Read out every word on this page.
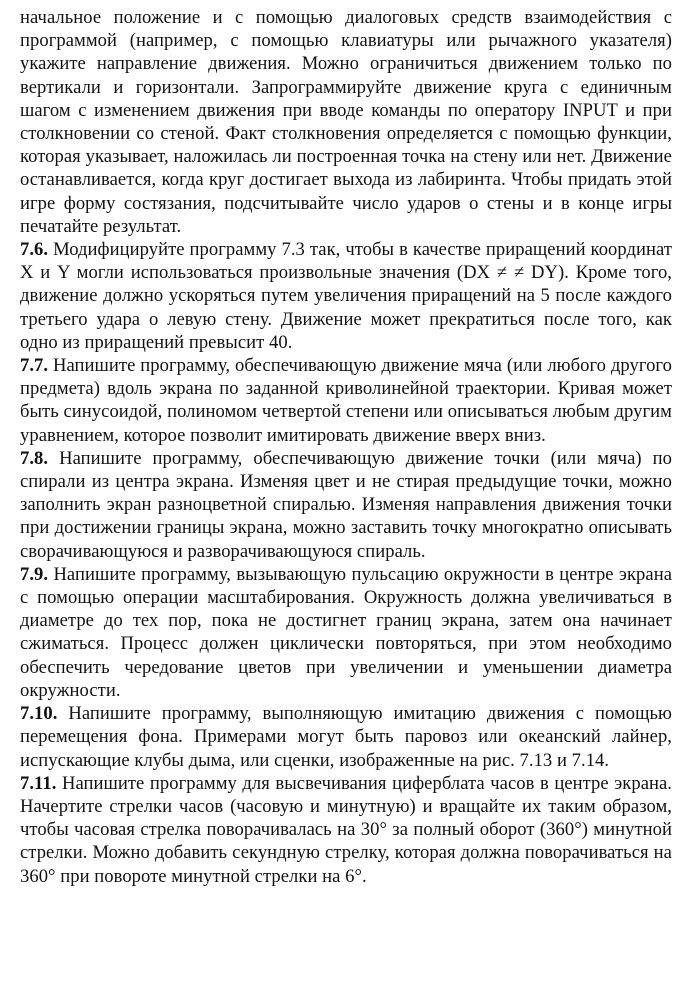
начальное положение и с помощью диалоговых средств взаимодействия с программой (например, с помощью клавиатуры или рычажного указателя) укажите направление движения. Можно ограничиться движением только по вертикали и горизонтали. Запрограммируйте движение круга с единичным шагом с изменением движения при вводе команды по оператору INPUT и при столкновении со стеной. Факт столкновения определяется с помощью функции, которая указывает, наложилась ли построенная точка на стену или нет. Движение останавливается, когда круг достигает выхода из лабиринта. Чтобы придать этой игре форму состязания, подсчитывайте число ударов о стены и в конце игры печатайте результат.

7.6. Модифицируйте программу 7.3 так, чтобы в качестве приращений координат X и Y могли использоваться произвольные значения (DX ≠ ≠ DY). Кроме того, движение должно ускоряться путем увеличения приращений на 5 после каждого третьего удара о левую стену. Движение может прекратиться после того, как одно из приращений превысит 40.

7.7. Напишите программу, обеспечивающую движение мяча (или любого другого предмета) вдоль экрана по заданной криволинейной траектории. Кривая может быть синусоидой, полиномом четвертой степени или описываться любым другим уравнением, которое позволит имитировать движение вверх вниз.

7.8. Напишите программу, обеспечивающую движение точки (или мяча) по спирали из центра экрана. Изменяя цвет и не стирая предыдущие точки, можно заполнить экран разноцветной спиралью. Изменяя направления движения точки при достижении границы экрана, можно заставить точку многократно описывать сворачивающуюся и разворачивающуюся спираль.

7.9. Напишите программу, вызывающую пульсацию окружности в центре экрана с помощью операции масштабирования. Окружность должна увеличиваться в диаметре до тех пор, пока не достигнет границ экрана, затем она начинает сжиматься. Процесс должен циклически повторяться, при этом необходимо обеспечить чередование цветов при увеличении и уменьшении диаметра окружности.

7.10. Напишите программу, выполняющую имитацию движения с помощью перемещения фона. Примерами могут быть паровоз или океанский лайнер, испускающие клубы дыма, или сценки, изображенные на рис. 7.13 и 7.14.

7.11. Напишите программу для высвечивания циферблата часов в центре экрана. Начертите стрелки часов (часовую и минутную) и вращайте их таким образом, чтобы часовая стрелка поворачивалась на 30° за полный оборот (360°) минутной стрелки. Можно добавить секундную стрелку, которая должна поворачиваться на 360° при повороте минутной стрелки на 6°.
